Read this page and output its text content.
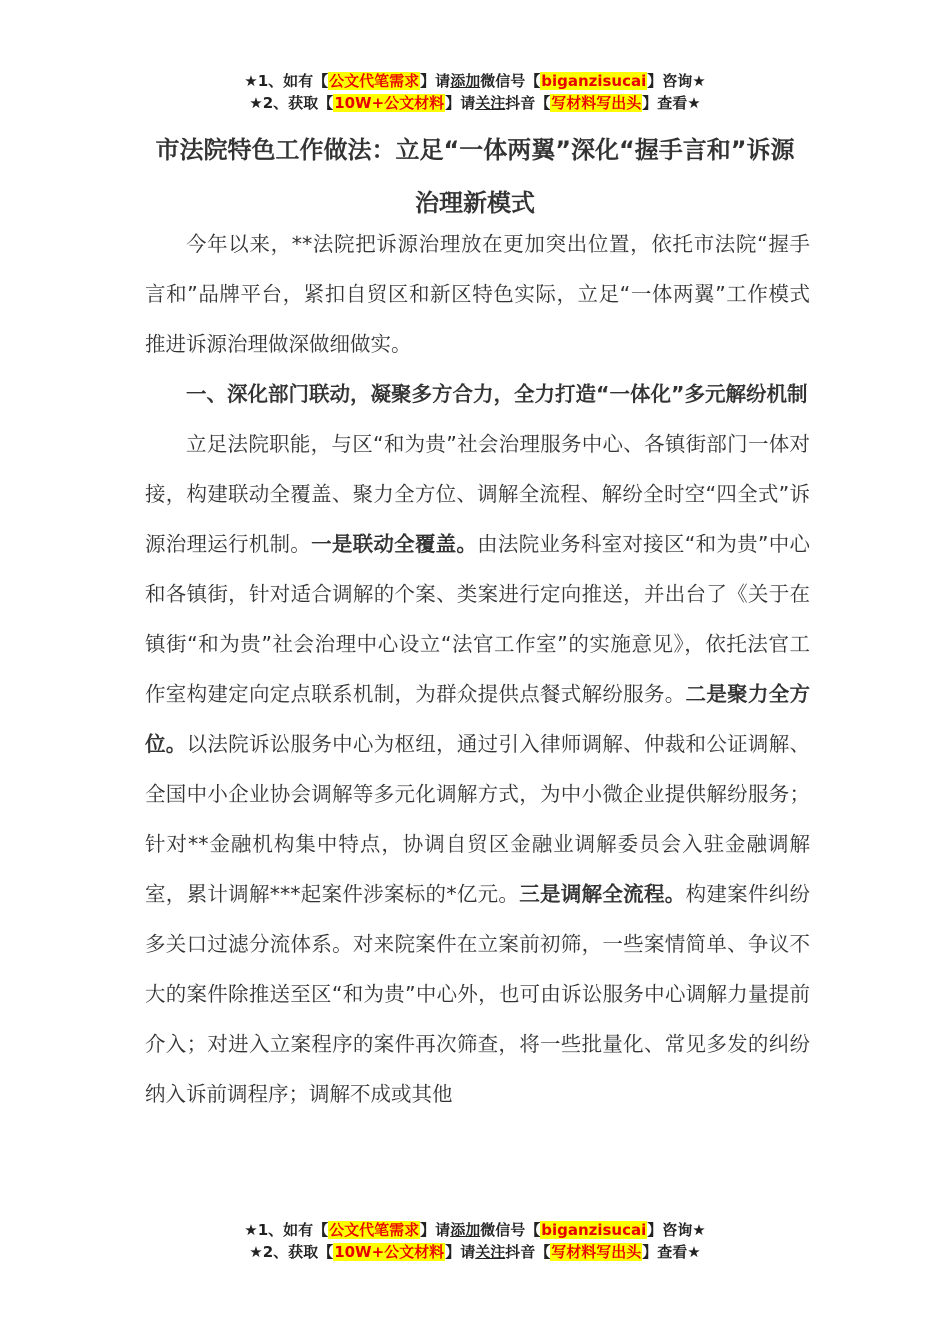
★1、如有【公文代笔需求】请添加微信号【biganzisucai】咨询★
★2、获取【10W+公文材料】请关注抖音【写材料写出头】查看★
市法院特色工作做法：立足“一体两翼”深化“握手言和”诉源治理新模式

今年以来，**法院把诉源治理放在更加突出位置，依托市法院“握手言和”品牌平台，紧扣自贸区和新区特色实际，立足“一体两翼”工作模式推进诉源治理做深做细做实。

一、深化部门联动，凝聚多方合力，全力打造“一体化”多元解纷机制

立足法院职能，与区“和为贵”社会治理服务中心、各镇街部门一体对接，构建联动全覆盖、聚力全方位、调解全流程、解纷全时空“四全式”诉源治理运行机制。一是联动全覆盖。由法院业务科室对接区“和为贵”中心和各镇街，针对适合调解的个案、类案进行定向推送，并出台了《关于在镇街“和为贵”社会治理中心设立“法官工作室”的实施意见》，依托法官工作室构建定向定点联系机制，为群众提供点餐式解纷服务。二是聚力全方位。以法院诉讼服务中心为枢纽，通过引入律师调解、仲裁和公证调解、全国中小企业协会调解等多元化调解方式，为中小微企业提供解纷服务；针对**金融机构集中特点，协调自贸区金融业调解委员会入驻金融调解室，累计调解***起案件涉案标的*亿元。三是调解全流程。构建案件纠纷多关口过滤分流体系。对来院案件在立案前初筛，一些案情简单、争议不大的案件除推送至区“和为贵”中心外，也可由诉讼服务中心调解力量提前介入；对进入立案程序的案件再次筛查，将一些批量化、常见多发的纠纷纳入诉前调程序；调解不成或其他

★1、如有【公文代笔需求】请添加微信号【biganzisucai】咨询★
★2、获取【10W+公文材料】请关注抖音【写材料写出头】查看★
